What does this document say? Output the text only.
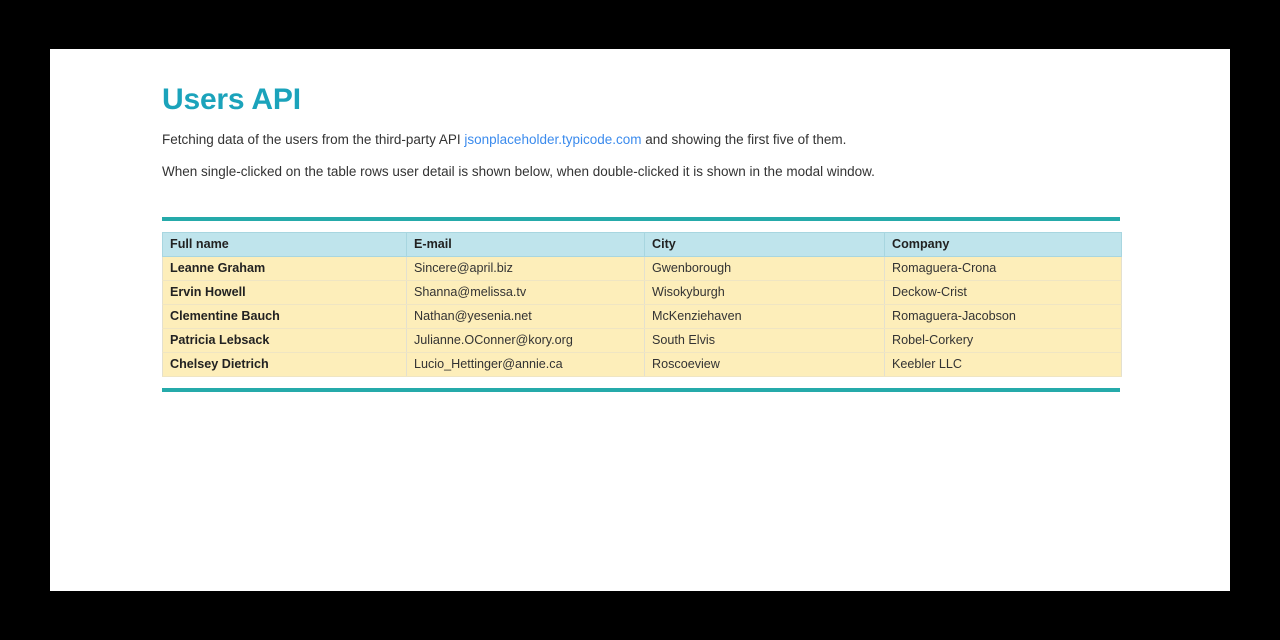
Users API

Fetching data of the users from the third-party API jsonplaceholder.typicode.com and showing the first five of them.

When single-clicked on the table rows user detail is shown below, when double-clicked it is shown in the modal window.

Full name	E-mail	City	Company
Leanne Graham	Sincere@april.biz	Gwenborough	Romaguera-Crona
Ervin Howell	Shanna@melissa.tv	Wisokyburgh	Deckow-Crist
Clementine Bauch	Nathan@yesenia.net	McKenziehaven	Romaguera-Jacobson
Patricia Lebsack	Julianne.OConner@kory.org	South Elvis	Robel-Corkery
Chelsey Dietrich	Lucio_Hettinger@annie.ca	Roscoeview	Keebler LLC
